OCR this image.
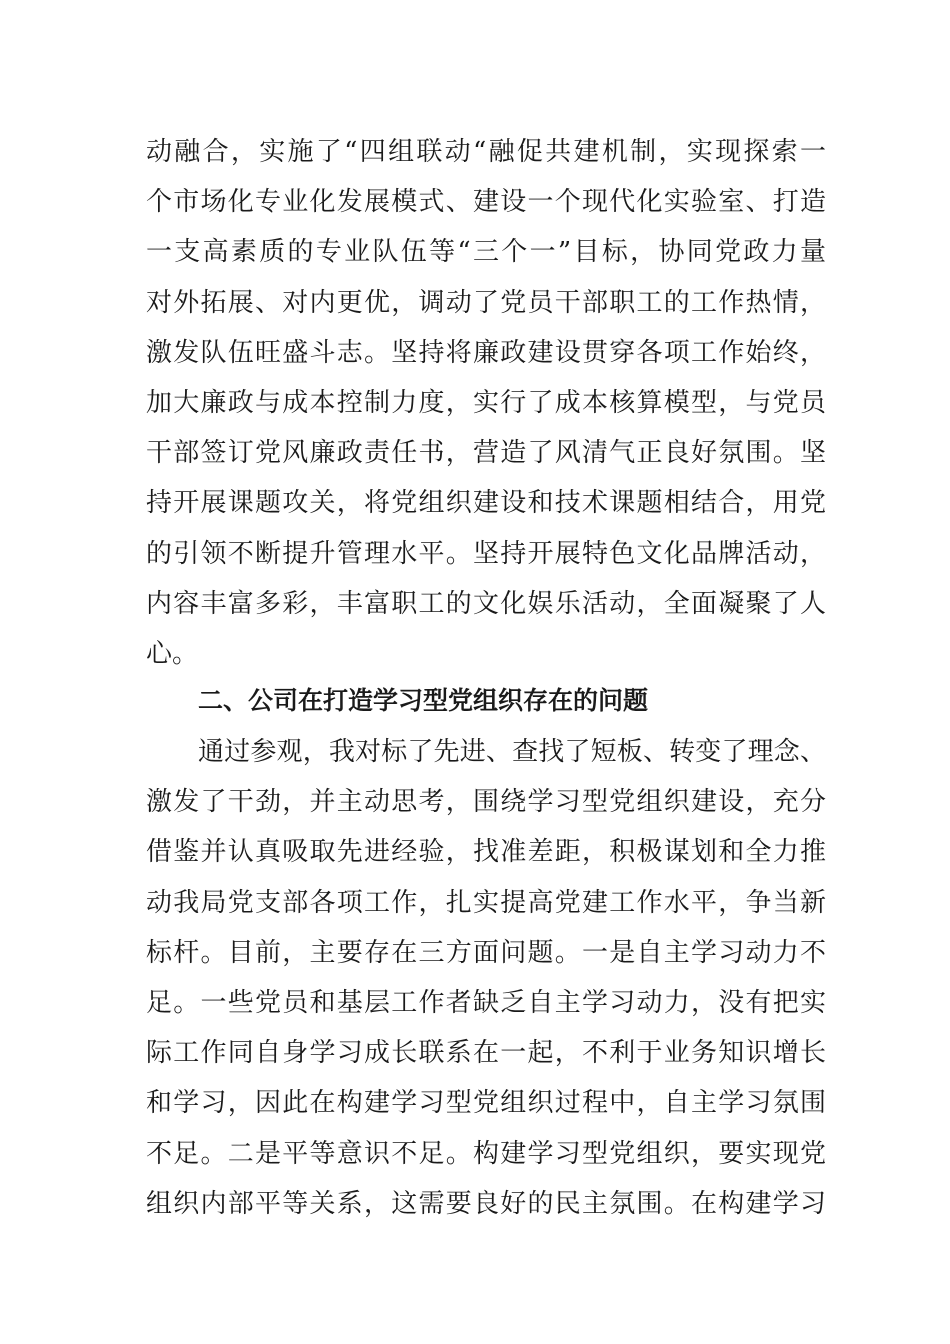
动融合，实施了“四组联动“融促共建机制，实现探索一
个市场化专业化发展模式、建设一个现代化实验室、打造
一支高素质的专业队伍等“三个一”目标，协同党政力量
对外拓展、对内更优，调动了党员干部职工的工作热情，
激发队伍旺盛斗志。坚持将廉政建设贯穿各项工作始终，
加大廉政与成本控制力度，实行了成本核算模型，与党员
干部签订党风廉政责任书，营造了风清气正良好氛围。坚
持开展课题攻关，将党组织建设和技术课题相结合，用党
的引领不断提升管理水平。坚持开展特色文化品牌活动，
内容丰富多彩，丰富职工的文化娱乐活动，全面凝聚了人
心。
二、公司在打造学习型党组织存在的问题
通过参观，我对标了先进、查找了短板、转变了理念、
激发了干劲，并主动思考，围绕学习型党组织建设，充分
借鉴并认真吸取先进经验，找准差距，积极谋划和全力推
动我局党支部各项工作，扎实提高党建工作水平，争当新
标杆。目前，主要存在三方面问题。一是自主学习动力不
足。一些党员和基层工作者缺乏自主学习动力，没有把实
际工作同自身学习成长联系在一起，不利于业务知识增长
和学习，因此在构建学习型党组织过程中，自主学习氛围
不足。二是平等意识不足。构建学习型党组织，要实现党
组织内部平等关系，这需要良好的民主氛围。在构建学习
